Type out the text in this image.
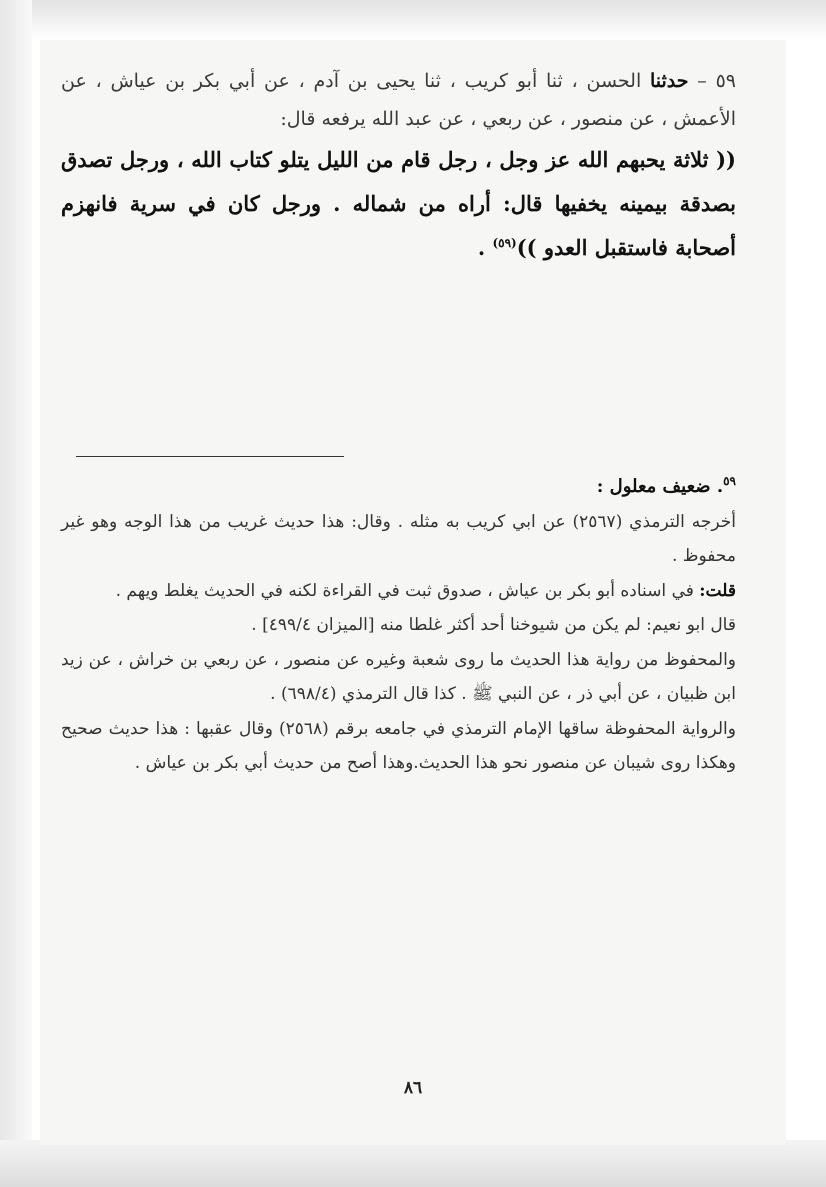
٥٩ – حدثنا الحسن ، ثنا أبو كريب ، ثنا يحيى بن آدم ، عن أبي بكر بن عياش ، عن الأعمش ، عن منصور ، عن ربعي ، عن عبد الله يرفعه قال:

(( ثلاثة يحبهم الله عز وجل ، رجل قام من الليل يتلو كتاب الله ، ورجل تصدق بصدقة بيمينه يخفيها قال: أراه من شماله . ورجل كان في سرية فانهزم أصحابة فاستقبل العدو ))$^{(٥٩)}$ .

$^{٥٩}$. ضعيف معلول :

أخرجه الترمذي (٢٥٦٧) عن ابي كريب به مثله . وقال: هذا حديث غريب من هذا الوجه وهو غير محفوظ .

قلت: في اسناده أبو بكر بن عياش ، صدوق ثبت في القراءة لكنه في الحديث يغلط ويهم .

قال ابو نعيم: لم يكن من شيوخنا أحد أكثر غلطا منه [الميزان ٤٩٩/٤] .

والمحفوظ من رواية هذا الحديث ما روى شعبة وغيره عن منصور ، عن ربعي بن خراش ، عن زيد ابن ظبيان ، عن أبي ذر ، عن النبي ﷺ . كذا قال الترمذي (٦٩٨/٤) .

والرواية المحفوظة ساقها الإمام الترمذي في جامعه برقم (٢٥٦٨) وقال عقبها : هذا حديث صحيح وهكذا روى شيبان عن منصور نحو هذا الحديث.وهذا أصح من حديث أبي بكر بن عياش .

٨٦
